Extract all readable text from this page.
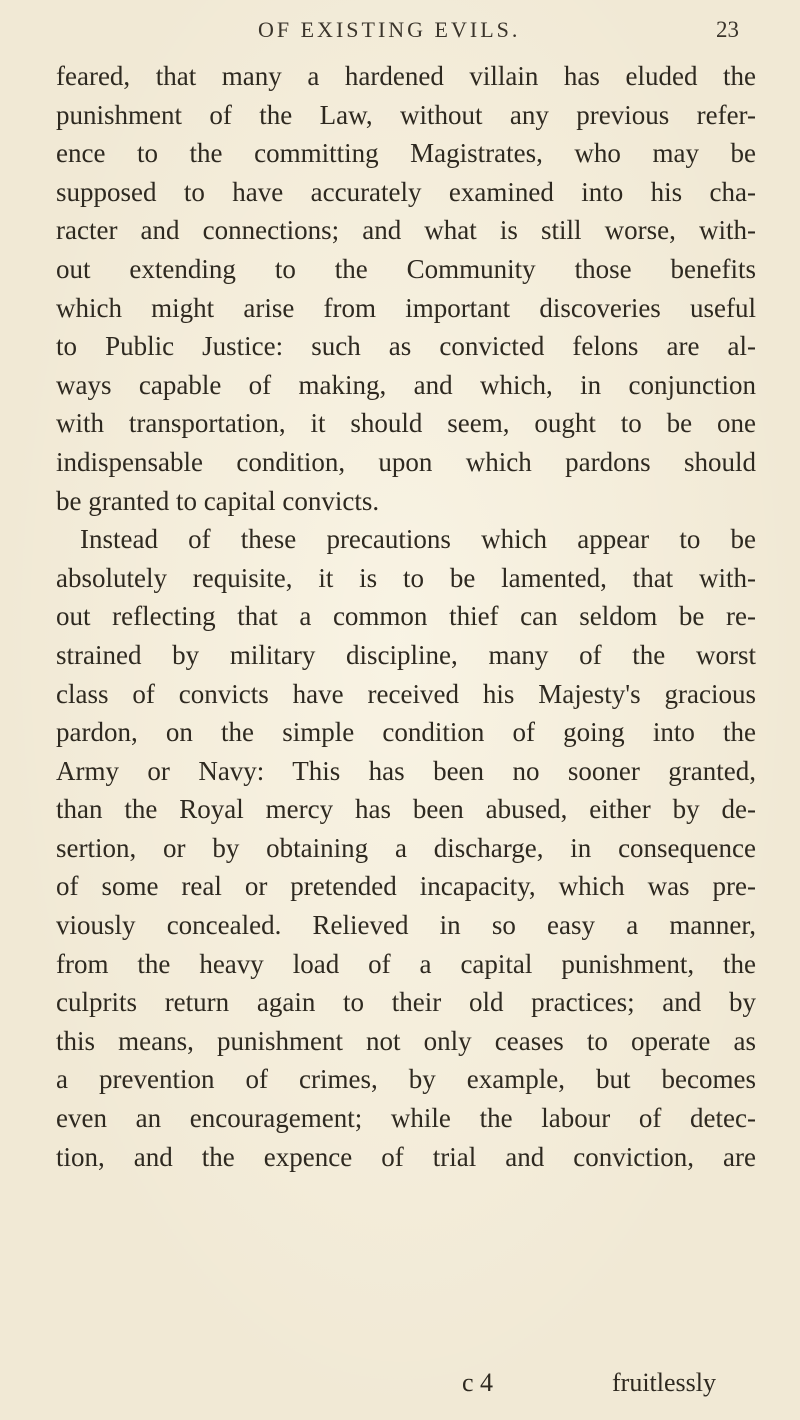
OF EXISTING EVILS.	23
feared, that many a hardened villain has eluded the
punishment of the Law, without any previous refer-
ence to the committing Magistrates, who may be
supposed to have accurately examined into his cha-
racter and connections; and what is still worse, with-
out extending to the Community those benefits
which might arise from important discoveries useful
to Public Justice: such as convicted felons are al-
ways capable of making, and which, in conjunction
with transportation, it should seem, ought to be one
indispensable condition, upon which pardons should
be granted to capital convicts.
Instead of these precautions which appear to be
absolutely requisite, it is to be lamented, that with-
out reflecting that a common thief can seldom be re-
strained by military discipline, many of the worst
class of convicts have received his Majesty's gracious
pardon, on the simple condition of going into the
Army or Navy: This has been no sooner granted,
than the Royal mercy has been abused, either by de-
sertion, or by obtaining a discharge, in consequence
of some real or pretended incapacity, which was pre-
viously concealed. Relieved in so easy a manner,
from the heavy load of a capital punishment, the
culprits return again to their old practices; and by
this means, punishment not only ceases to operate as
a prevention of crimes, by example, but becomes
even an encouragement; while the labour of detec-
tion, and the expence of trial and conviction, are
c 4	fruitlessly
